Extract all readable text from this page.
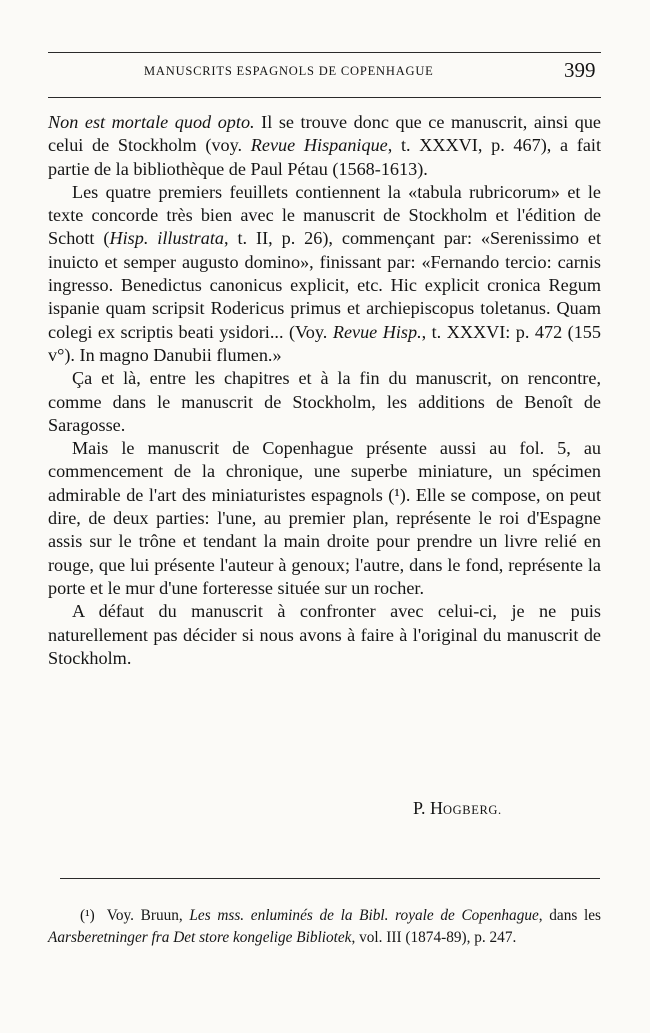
MANUSCRITS ESPAGNOLS DE COPENHAGUE	399

Non est mortale quod opto. Il se trouve donc que ce manuscrit, ainsi que celui de Stockholm (voy. Revue Hispanique, t. XXXVI, p. 467), a fait partie de la bibliothèque de Paul Pétau (1568-1613).

Les quatre premiers feuillets contiennent la «tabula rubricorum» et le texte concorde très bien avec le manuscrit de Stockholm et l'édition de Schott (Hisp. illustrata, t. II, p. 26), commençant par: «Serenissimo et inuicto et semper augusto domino», finissant par: «Fernando tercio: carnis ingresso. Benedictus canonicus explicit, etc. Hic explicit cronica Regum ispanie quam scripsit Rodericus primus et archiepiscopus toletanus. Quam colegi ex scriptis beati ysidori... (Voy. Revue Hisp., t. XXXVI: p. 472 (155 v°). In magno Danubii flumen.»

Ça et là, entre les chapitres et à la fin du manuscrit, on rencontre, comme dans le manuscrit de Stockholm, les additions de Benoît de Saragosse.

Mais le manuscrit de Copenhague présente aussi au fol. 5, au commencement de la chronique, une superbe miniature, un spécimen admirable de l'art des miniaturistes espagnols (¹). Elle se compose, on peut dire, de deux parties: l'une, au premier plan, représente le roi d'Espagne assis sur le trône et tendant la main droite pour prendre un livre relié en rouge, que lui présente l'auteur à genoux; l'autre, dans le fond, représente la porte et le mur d'une forteresse située sur un rocher.

A défaut du manuscrit à confronter avec celui-ci, je ne puis naturellement pas décider si nous avons à faire à l'original du manuscrit de Stockholm.

P. HOGBERG.

(¹) Voy. Bruun, Les mss. enluminés de la Bibl. royale de Copenhague, dans les Aarsberetninger fra Det store kongelige Bibliotek, vol. III (1874-89), p. 247.
